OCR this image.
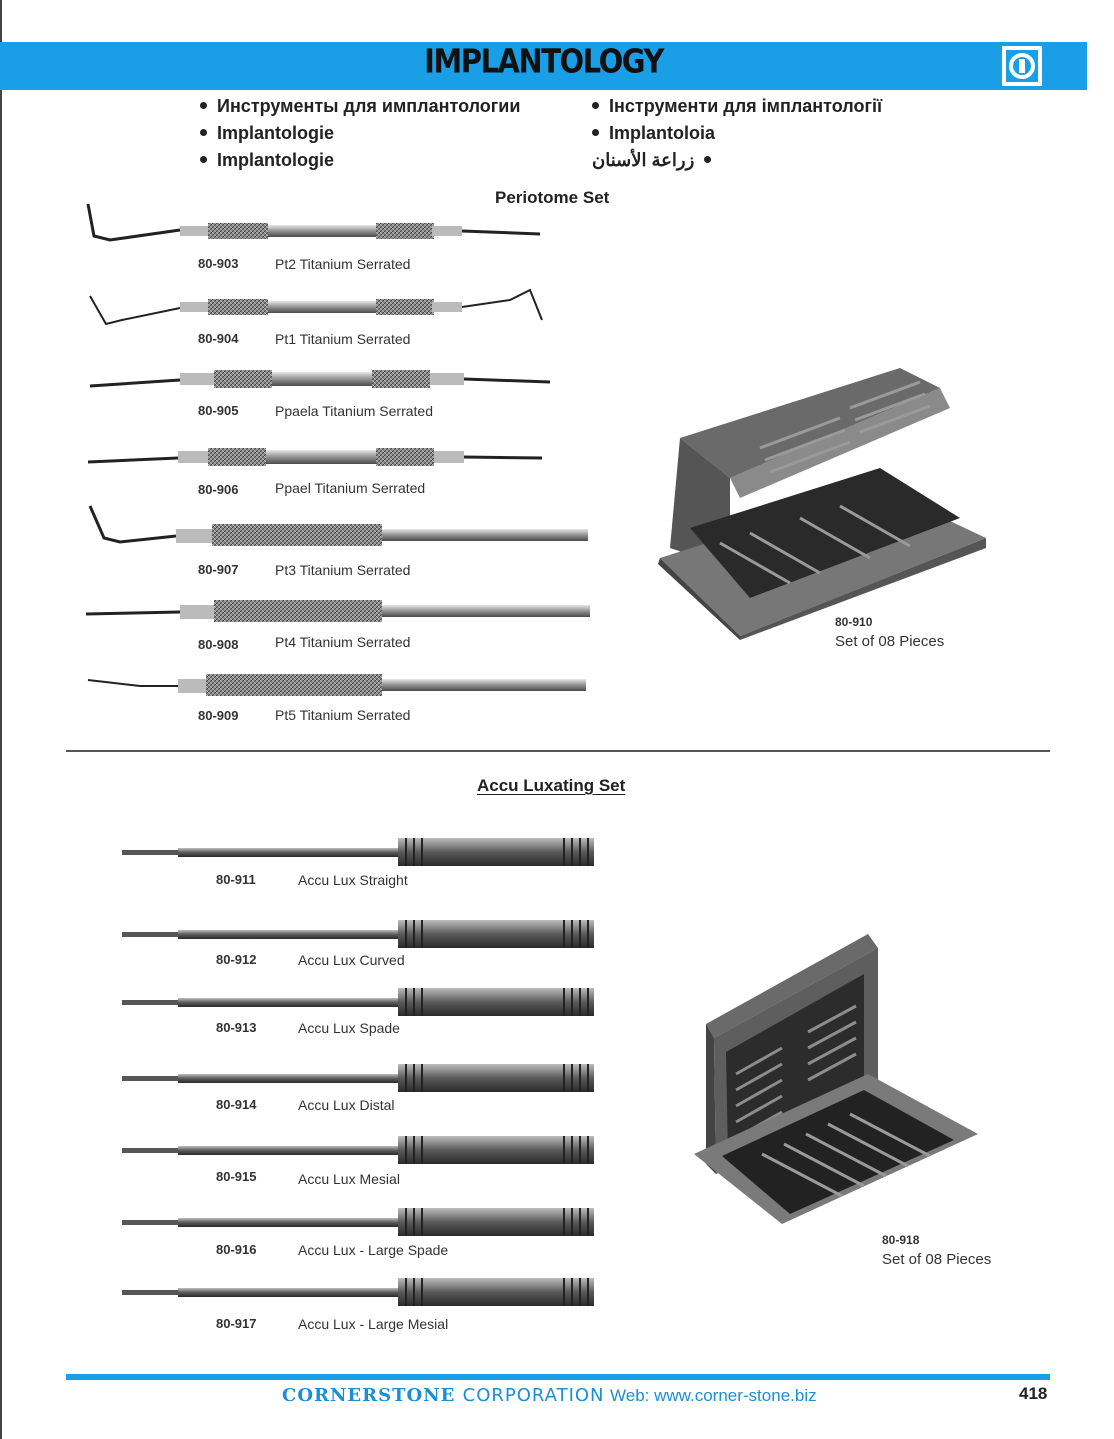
IMPLANTOLOGY
Инструменты для имплантологии
Implantologie
Implantologie
Інструменти для імплантології
Implantoloia
زراعة الأسنان
Periotome Set
80-903	Pt2 Titanium Serrated
80-904	Pt1 Titanium Serrated
80-905	Ppaela Titanium Serrated
80-906	Ppael Titanium Serrated
80-907	Pt3 Titanium Serrated
80-908	Pt4 Titanium Serrated
80-909	Pt5 Titanium Serrated
80-910
Set of 08 Pieces
Accu Luxating Set
80-911	Accu Lux Straight
80-912	Accu Lux Curved
80-913	Accu Lux Spade
80-914	Accu Lux Distal
80-915	Accu Lux Mesial
80-916	Accu Lux - Large Spade
80-917	Accu Lux - Large Mesial
80-918
Set of 08 Pieces
CORNERSTONE CORPORATION Web: www.corner-stone.biz	418
